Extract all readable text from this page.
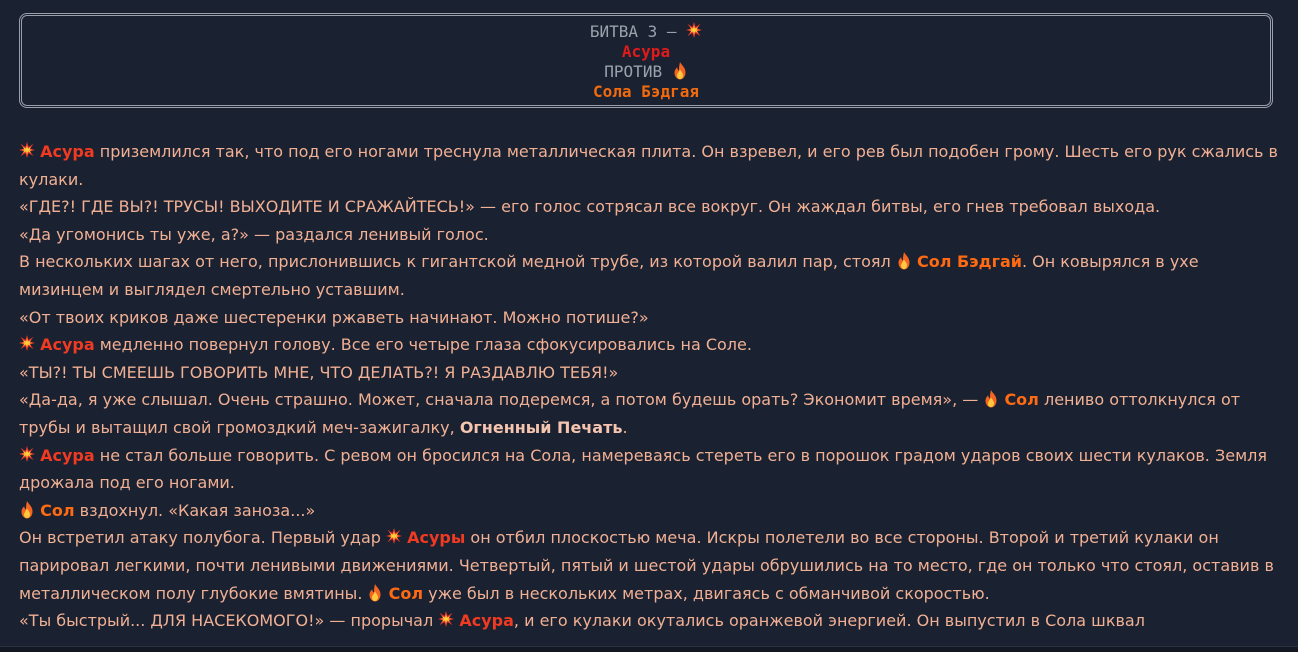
БИТВА 3 –
Асура
ПРОТИВ
Сола Бэдгая

Асура приземлился так, что под его ногами треснула металлическая плита. Он взревел, и его рев был подобен грому. Шесть его рук сжались в кулаки.

«ГДЕ?! ГДЕ ВЫ?! ТРУСЫ! ВЫХОДИТЕ И СРАЖАЙТЕСЬ!» — его голос сотрясал все вокруг. Он жаждал битвы, его гнев требовал выхода.

«Да угомонись ты уже, а?» — раздался ленивый голос.

В нескольких шагах от него, прислонившись к гигантской медной трубе, из которой валил пар, стоял
Сол Бэдгай. Он ковырялся в ухе мизинцем и выглядел смертельно уставшим.

«От твоих криков даже шестеренки ржаветь начинают. Можно потише?»

Асура медленно повернул голову. Все его четыре глаза сфокусировались на Соле.

«ТЫ?! ТЫ СМЕЕШЬ ГОВОРИТЬ МНЕ, ЧТО ДЕЛАТЬ?! Я РАЗДАВЛЮ ТЕБЯ!»

«Да-да, я уже слышал. Очень страшно. Может, сначала подеремся, а потом будешь орать? Экономит время», —
Сол лениво оттолкнулся от трубы и вытащил свой громоздкий меч-зажигалку, Огненный Печать.

Асура не стал больше говорить. С ревом он бросился на Сола, намереваясь стереть его в порошок градом ударов своих шести кулаков. Земля дрожала под его ногами.

Сол вздохнул. «Какая заноза...»

Он встретил атаку полубога. Первый удар
Асуры он отбил плоскостью меча. Искры полетели во все стороны. Второй и третий кулаки он парировал легкими, почти ленивыми движениями. Четвертый, пятый и шестой удары обрушились на то место, где он только что стоял, оставив в металлическом полу глубокие вмятины.
Сол уже был в нескольких метрах, двигаясь с обманчивой скоростью.

«Ты быстрый... ДЛЯ НАСЕКОМОГО!» — прорычал
Асура, и его кулаки окутались оранжевой энергией. Он выпустил в Сола шквал
